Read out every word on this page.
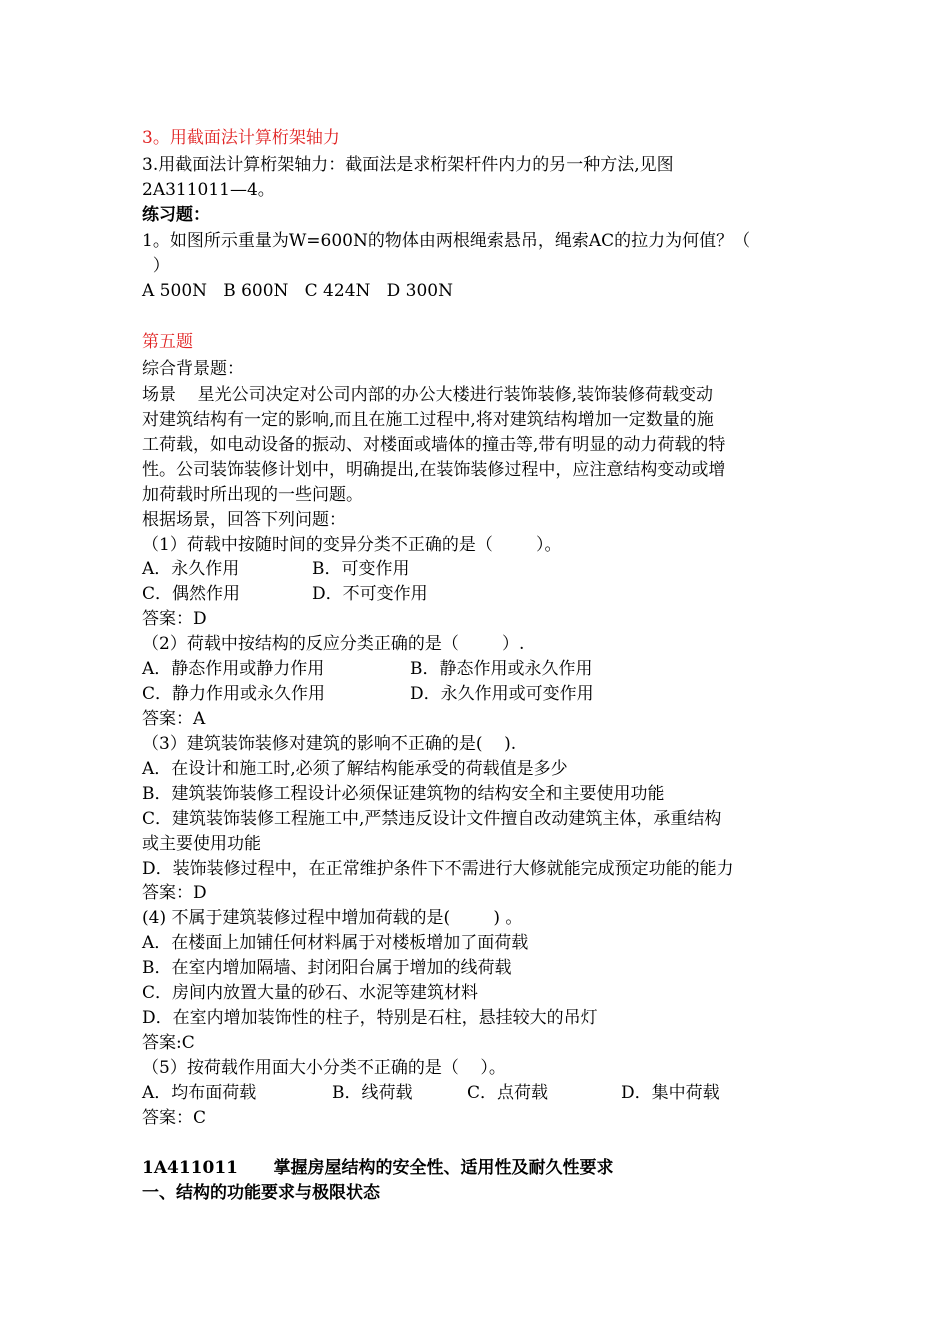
3。用截面法计算桁架轴力
3.用截面法计算桁架轴力：截面法是求桁架杆件内力的另一种方法,见图
2A311011—4。
练习题：
1。如图所示重量为W=600N的物体由两根绳索悬吊，绳索AC的拉力为何值？（
）
A 500N   B 600N   C 424N   D 300N
第五题
综合背景题：
场景    星光公司决定对公司内部的办公大楼进行装饰装修,装饰装修荷载变动
对建筑结构有一定的影响,而且在施工过程中,将对建筑结构增加一定数量的施
工荷载，如电动设备的振动、对楼面或墙体的撞击等,带有明显的动力荷载的特
性。公司装饰装修计划中，明确提出,在装饰装修过程中，应注意结构变动或增
加荷载时所出现的一些问题。
根据场景，回答下列问题：
（1）荷载中按随时间的变异分类不正确的是（        ）。
A．永久作用	B．可变作用
C．偶然作用	D．不可变作用
答案：D
（2）荷载中按结构的反应分类正确的是（        ）.
A．静态作用或静力作用	B．静态作用或永久作用
C．静力作用或永久作用	D．永久作用或可变作用
答案：A
（3）建筑装饰装修对建筑的影响不正确的是(    ).
A．在设计和施工时,必须了解结构能承受的荷载值是多少
B．建筑装饰装修工程设计必须保证建筑物的结构安全和主要使用功能
C．建筑装饰装修工程施工中,严禁违反设计文件擅自改动建筑主体，承重结构
或主要使用功能
D．装饰装修过程中，在正常维护条件下不需进行大修就能完成预定功能的能力
答案：D
(4) 不属于建筑装修过程中增加荷载的是(        ) 。
A．在楼面上加铺任何材料属于对楼板增加了面荷载
B．在室内增加隔墙、封闭阳台属于增加的线荷载
C．房间内放置大量的砂石、水泥等建筑材料
D．在室内增加装饰性的柱子，特别是石柱，悬挂较大的吊灯
答案:C
（5）按荷载作用面大小分类不正确的是（    ）。
A．均布面荷载	B．线荷载	C．点荷载	D．集中荷载
答案：C
1A411011      掌握房屋结构的安全性、适用性及耐久性要求
一、结构的功能要求与极限状态
